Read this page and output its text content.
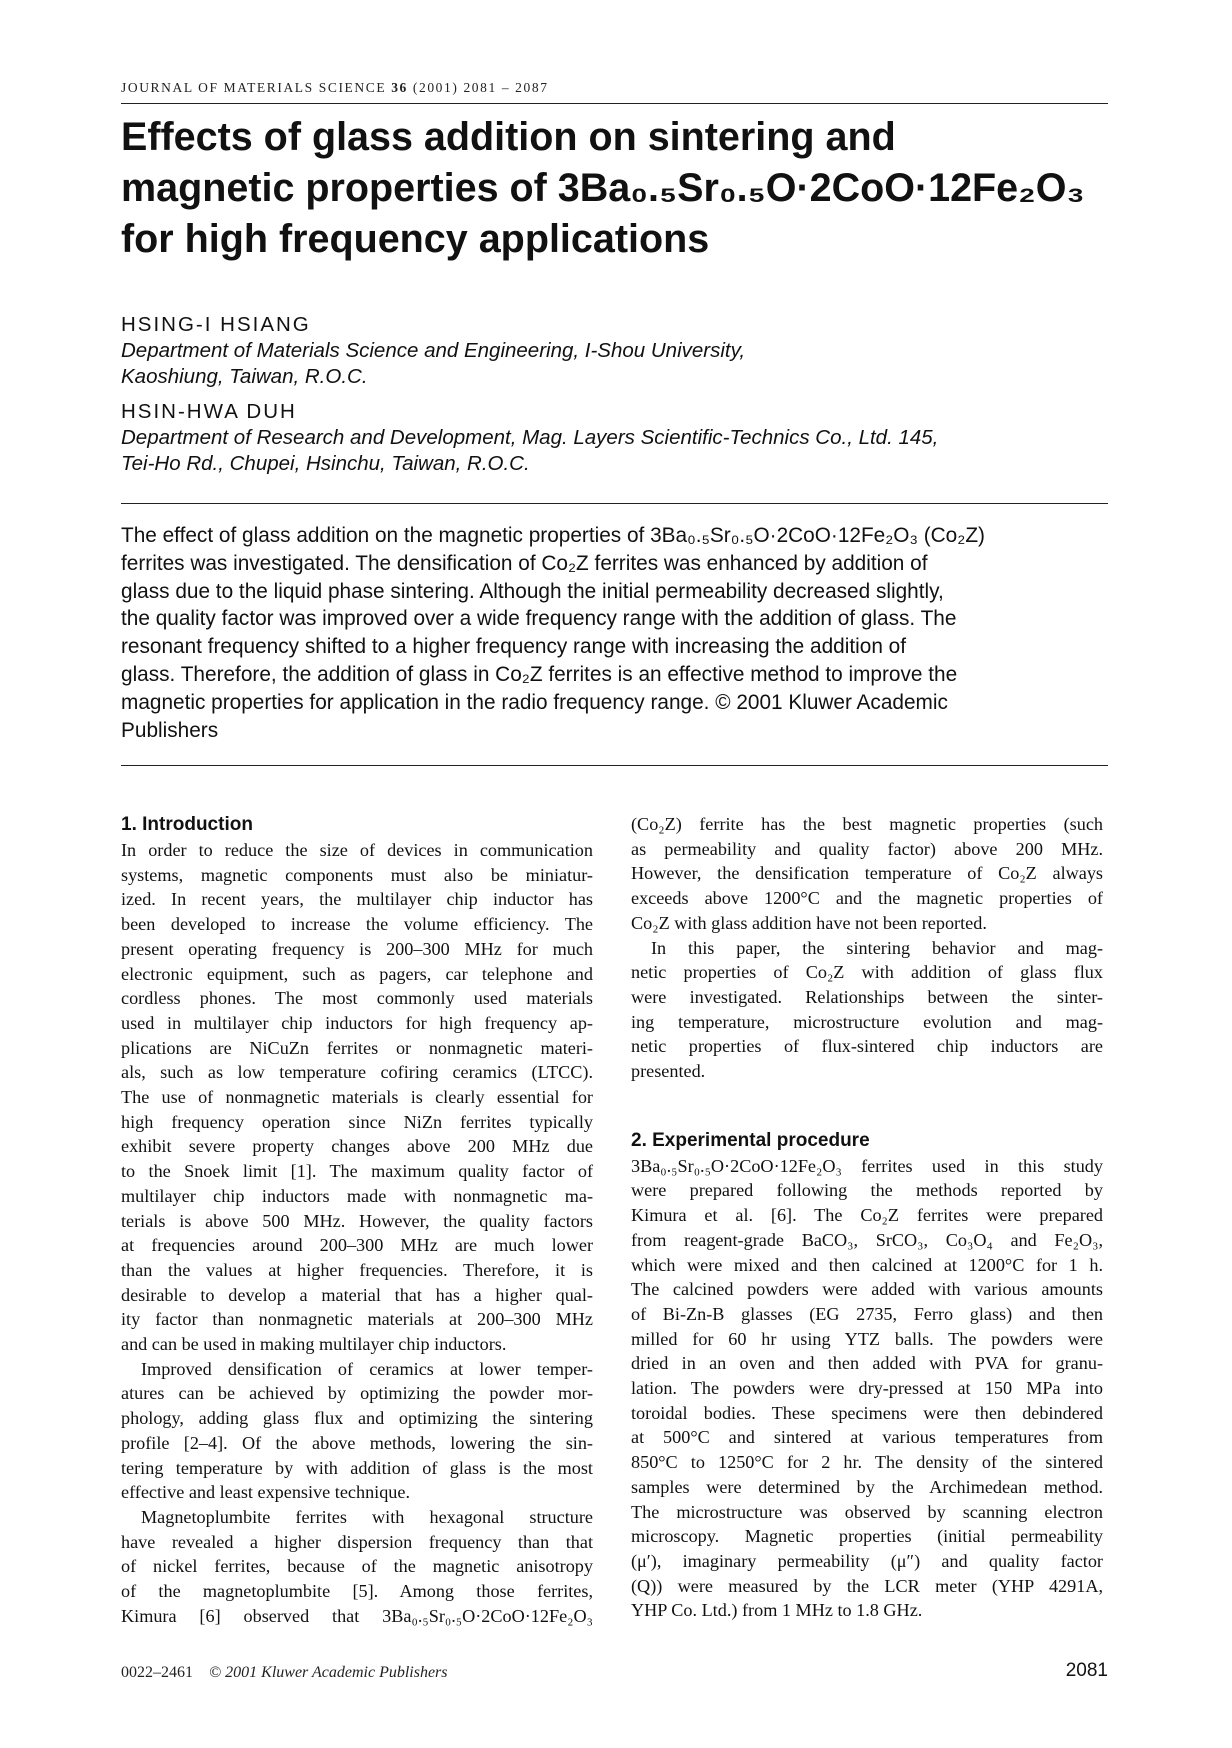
JOURNAL OF MATERIALS SCIENCE 36 (2001) 2081 – 2087
Effects of glass addition on sintering and
magnetic properties of 3Ba₀.₅Sr₀.₅O·2CoO·12Fe₂O₃
for high frequency applications
HSING-I HSIANG
Department of Materials Science and Engineering, I-Shou University,
Kaoshiung, Taiwan, R.O.C.
HSIN-HWA DUH
Department of Research and Development, Mag. Layers Scientific-Technics Co., Ltd. 145,
Tei-Ho Rd., Chupei, Hsinchu, Taiwan, R.O.C.
The effect of glass addition on the magnetic properties of 3Ba₀.₅Sr₀.₅O·2CoO·12Fe₂O₃ (Co₂Z)
ferrites was investigated. The densification of Co₂Z ferrites was enhanced by addition of
glass due to the liquid phase sintering. Although the initial permeability decreased slightly,
the quality factor was improved over a wide frequency range with the addition of glass. The
resonant frequency shifted to a higher frequency range with increasing the addition of
glass. Therefore, the addition of glass in Co₂Z ferrites is an effective method to improve the
magnetic properties for application in the radio frequency range. © 2001 Kluwer Academic
Publishers
1. Introduction
In order to reduce the size of devices in communication
systems, magnetic components must also be miniatur-
ized. In recent years, the multilayer chip inductor has
been developed to increase the volume efficiency. The
present operating frequency is 200–300 MHz for much
electronic equipment, such as pagers, car telephone and
cordless phones. The most commonly used materials
used in multilayer chip inductors for high frequency ap-
plications are NiCuZn ferrites or nonmagnetic materi-
als, such as low temperature cofiring ceramics (LTCC).
The use of nonmagnetic materials is clearly essential for
high frequency operation since NiZn ferrites typically
exhibit severe property changes above 200 MHz due
to the Snoek limit [1]. The maximum quality factor of
multilayer chip inductors made with nonmagnetic ma-
terials is above 500 MHz. However, the quality factors
at frequencies around 200–300 MHz are much lower
than the values at higher frequencies. Therefore, it is
desirable to develop a material that has a higher qual-
ity factor than nonmagnetic materials at 200–300 MHz
and can be used in making multilayer chip inductors.
Improved densification of ceramics at lower temper-
atures can be achieved by optimizing the powder mor-
phology, adding glass flux and optimizing the sintering
profile [2–4]. Of the above methods, lowering the sin-
tering temperature by with addition of glass is the most
effective and least expensive technique.
Magnetoplumbite ferrites with hexagonal structure
have revealed a higher dispersion frequency than that
of nickel ferrites, because of the magnetic anisotropy
of the magnetoplumbite [5]. Among those ferrites,
Kimura [6] observed that 3Ba₀.₅Sr₀.₅O·2CoO·12Fe₂O₃
(Co₂Z) ferrite has the best magnetic properties (such
as permeability and quality factor) above 200 MHz.
However, the densification temperature of Co₂Z always
exceeds above 1200°C and the magnetic properties of
Co₂Z with glass addition have not been reported.
In this paper, the sintering behavior and mag-
netic properties of Co₂Z with addition of glass flux
were investigated. Relationships between the sinter-
ing temperature, microstructure evolution and mag-
netic properties of flux-sintered chip inductors are
presented.
2. Experimental procedure
3Ba₀.₅Sr₀.₅O·2CoO·12Fe₂O₃ ferrites used in this study
were prepared following the methods reported by
Kimura et al. [6]. The Co₂Z ferrites were prepared
from reagent-grade BaCO₃, SrCO₃, Co₃O₄ and Fe₂O₃,
which were mixed and then calcined at 1200°C for 1 h.
The calcined powders were added with various amounts
of Bi-Zn-B glasses (EG 2735, Ferro glass) and then
milled for 60 hr using YTZ balls. The powders were
dried in an oven and then added with PVA for granu-
lation. The powders were dry-pressed at 150 MPa into
toroidal bodies. These specimens were then debindered
at 500°C and sintered at various temperatures from
850°C to 1250°C for 2 hr. The density of the sintered
samples were determined by the Archimedean method.
The microstructure was observed by scanning electron
microscopy. Magnetic properties (initial permeability
(μ′), imaginary permeability (μ″) and quality factor
(Q)) were measured by the LCR meter (YHP 4291A,
YHP Co. Ltd.) from 1 MHz to 1.8 GHz.
0022–2461 © 2001 Kluwer Academic Publishers	2081
